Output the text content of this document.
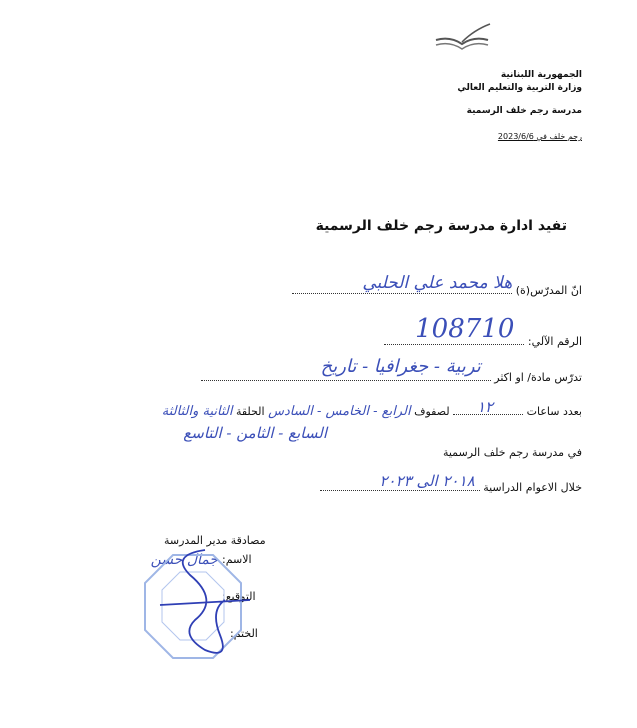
الجمهورية اللبنانية
وزارة التربية والتعليم العالي
مدرسة رجم خلف الرسمية
رجم خلف في 2023/6/6
تفيد ادارة مدرسة رجم خلف الرسمية
انّ المدرّس(ة)
هلا محمد علي الحلبي
الرقم الآلي:
108710
تدرّس مادة/ او اكثر
تربية - جغرافيا - تاريخ
بعدد ساعات
١٢
لصفوف الرابع - الخامس - السادس الحلقة الثانية والثالثة
السابع - الثامن - التاسع
في مدرسة رجم خلف الرسمية
خلال الاعوام الدراسية
٢٠١٨ الى ٢٠٢٣
مصادقة مدير المدرسة
الاسم:
جمال حسن
التوقيع:
الختم:
